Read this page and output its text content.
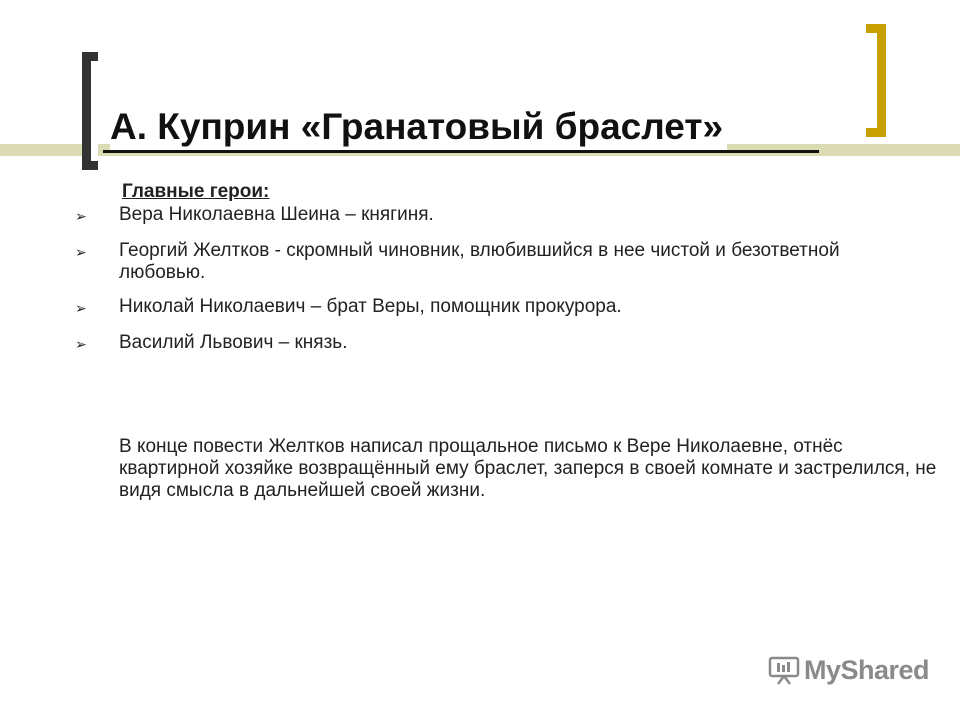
А. Куприн «Гранатовый браслет»
Главные герои:
➢ Вера Николаевна Шеина – княгиня.
➢ Георгий Желтков - скромный чиновник, влюбившийся в нее чистой и безответной любовью.
➢ Николай Николаевич – брат Веры, помощник прокурора.
➢ Василий Львович – князь.

В конце повести Желтков написал прощальное письмо к Вере Николаевне, отнёс квартирной хозяйке возвращённый ему браслет, заперся в своей комнате и застрелился, не видя смысла в дальнейшей своей жизни.

MyShared
